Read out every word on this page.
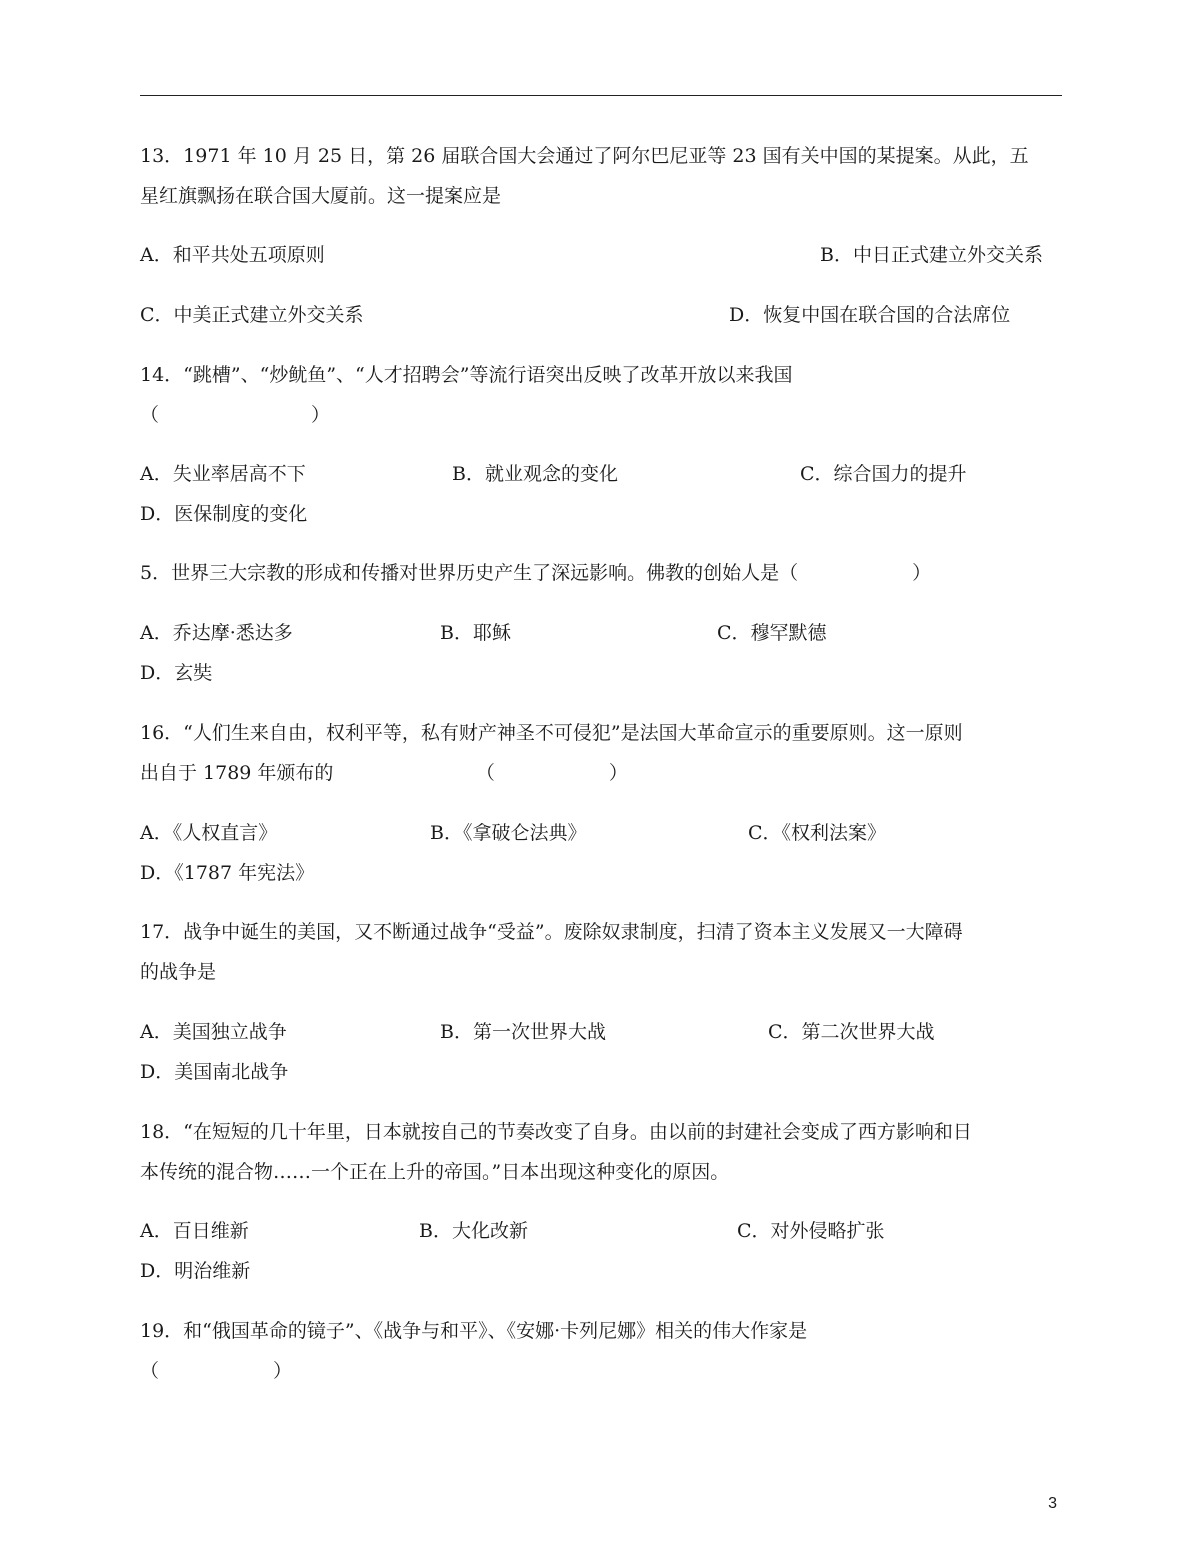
13．1971 年 10 月 25 日，第 26 届联合国大会通过了阿尔巴尼亚等 23 国有关中国的某提案。从此，五
星红旗飘扬在联合国大厦前。这一提案应是
A．和平共处五项原则	B．中日正式建立外交关系
C．中美正式建立外交关系	D．恢复中国在联合国的合法席位
14．“跳槽”、“炒鱿鱼”、“人才招聘会”等流行语突出反映了改革开放以来我国
（　　　　　　　　）
A．失业率居高不下	B．就业观念的变化	C．综合国力的提升
D．医保制度的变化
5．世界三大宗教的形成和传播对世界历史产生了深远影响。佛教的创始人是（　　　　　　）
A．乔达摩·悉达多	B．耶稣	C．穆罕默德
D．玄奘
16．“人们生来自由，权利平等，私有财产神圣不可侵犯”是法国大革命宣示的重要原则。这一原则
出自于 1789 年颁布的　　　　　　　　（　　　　　　）
A．《人权直言》	B．《拿破仑法典》	C．《权利法案》
D．《1787 年宪法》
17．战争中诞生的美国，又不断通过战争“受益”。废除奴隶制度，扫清了资本主义发展又一大障碍
的战争是
A．美国独立战争	B．第一次世界大战	C．第二次世界大战
D．美国南北战争
18．“在短短的几十年里，日本就按自己的节奏改变了自身。由以前的封建社会变成了西方影响和日
本传统的混合物……一个正在上升的帝国。”日本出现这种变化的原因。
A．百日维新	B．大化改新	C．对外侵略扩张
D．明治维新
19．和“俄国革命的镜子”、《战争与和平》、《安娜·卡列尼娜》相关的伟大作家是
（　　　　　　）
3
